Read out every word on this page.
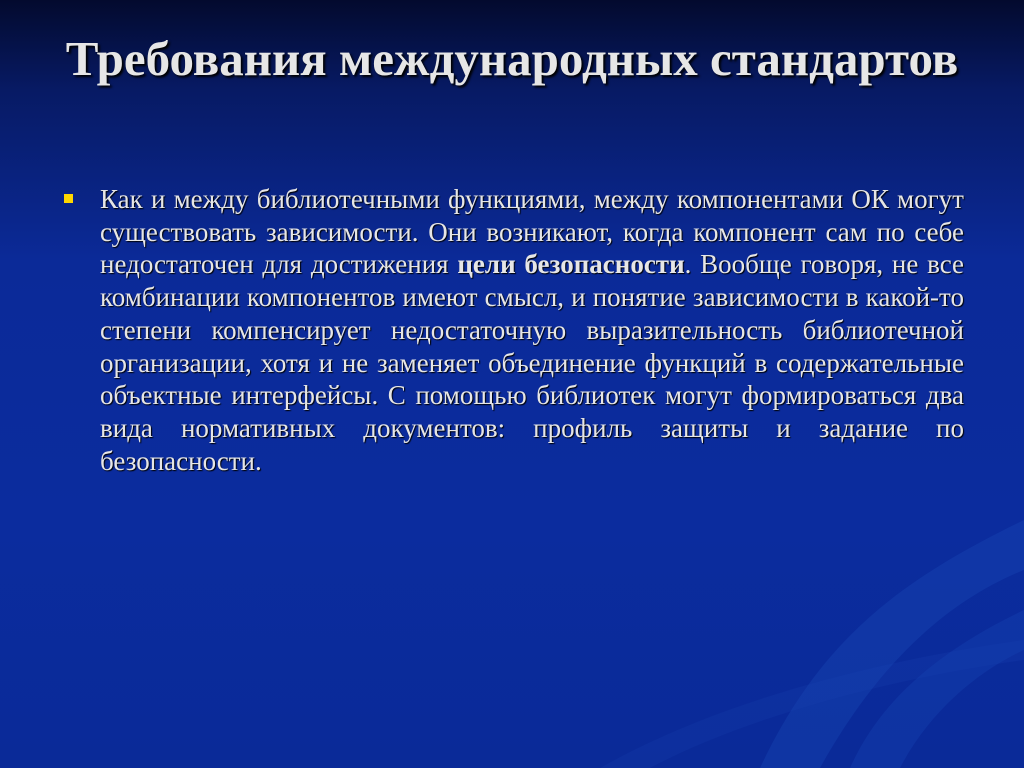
Требования международных стандартов

Как и между библиотечными функциями, между компонентами ОК могут существовать зависимости. Они возникают, когда компонент сам по себе недостаточен для достижения цели безопасности. Вообще говоря, не все комбинации компонентов имеют смысл, и понятие зависимости в какой-то степени компенсирует недостаточную выразительность библиотечной организации, хотя и не заменяет объединение функций в содержательные объектные интерфейсы. С помощью библиотек могут формироваться два вида нормативных документов: профиль защиты и задание по безопасности.
